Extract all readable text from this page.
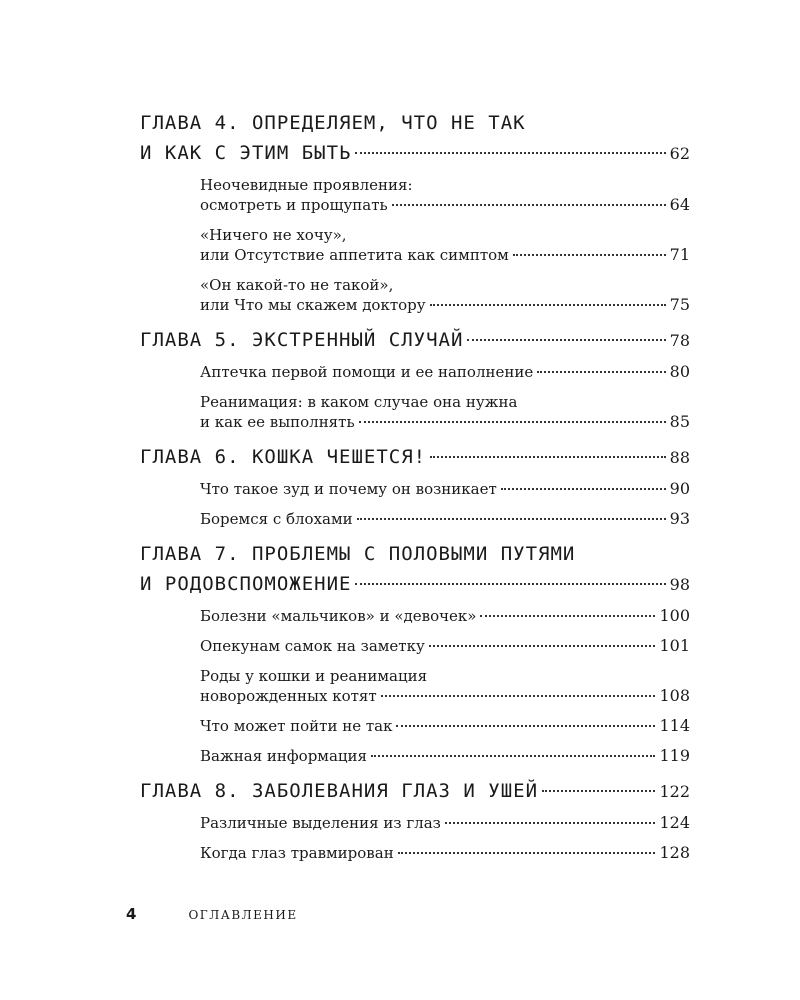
ГЛАВА 4. ОПРЕДЕЛЯЕМ, ЧТО НЕ ТАК
И КАК С ЭТИМ БЫТЬ	62
Неочевидные проявления:
осмотреть и прощупать	64
«Ничего не хочу»,
или Отсутствие аппетита как симптом	71
«Он какой-то не такой»,
или Что мы скажем доктору	75
ГЛАВА 5. ЭКСТРЕННЫЙ СЛУЧАЙ	78
Аптечка первой помощи и ее наполнение	80
Реанимация: в каком случае она нужна
и как ее выполнять	85
ГЛАВА 6. КОШКА ЧЕШЕТСЯ!	88
Что такое зуд и почему он возникает	90
Боремся с блохами	93
ГЛАВА 7. ПРОБЛЕМЫ С ПОЛОВЫМИ ПУТЯМИ
И РОДОВСПОМОЖЕНИЕ	98
Болезни «мальчиков» и «девочек»	100
Опекунам самок на заметку	101
Роды у кошки и реанимация
новорожденных котят	108
Что может пойти не так	114
Важная информация	119
ГЛАВА 8. ЗАБОЛЕВАНИЯ ГЛАЗ И УШЕЙ	122
Различные выделения из глаз	124
Когда глаз травмирован	128
4	ОГЛАВЛЕНИЕ
